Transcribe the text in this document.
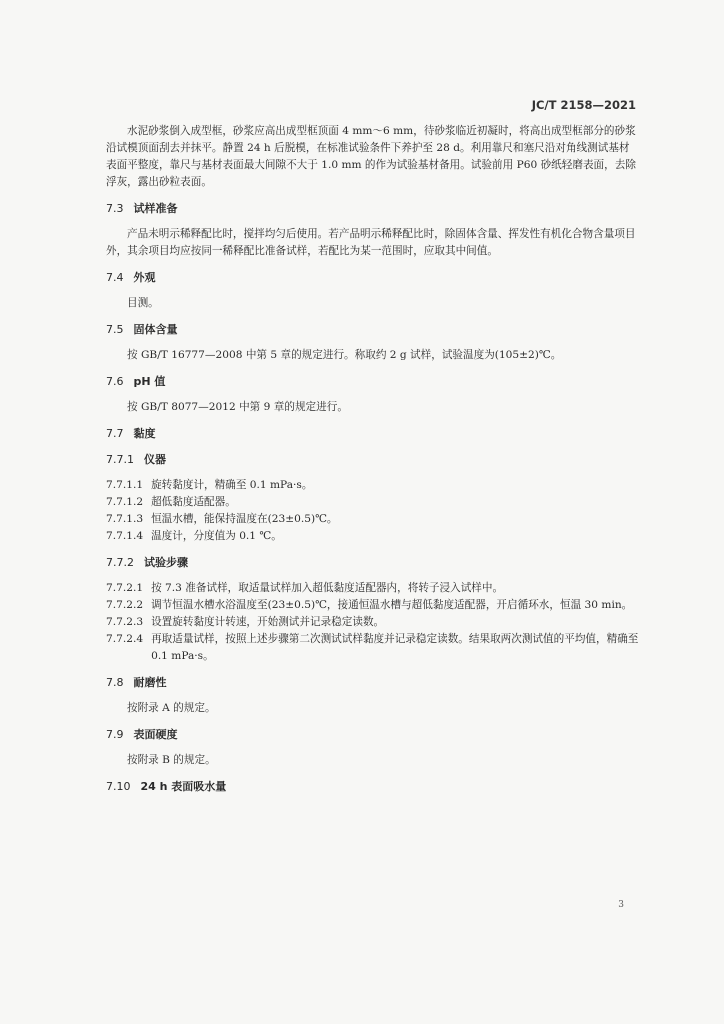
JC/T 2158—2021

水泥砂浆倒入成型框，砂浆应高出成型框顶面 4 mm～6 mm，待砂浆临近初凝时，将高出成型框部分的砂浆沿试模顶面刮去并抹平。静置 24 h 后脱模，在标准试验条件下养护至 28 d。利用靠尺和塞尺沿对角线测试基材表面平整度，靠尺与基材表面最大间隙不大于 1.0 mm 的作为试验基材备用。试验前用 P60 砂纸轻磨表面，去除浮灰，露出砂粒表面。

7.3 试样准备

产品未明示稀释配比时，搅拌均匀后使用。若产品明示稀释配比时，除固体含量、挥发性有机化合物含量项目外，其余项目均应按同一稀释配比准备试样，若配比为某一范围时，应取其中间值。

7.4 外观

目测。

7.5 固体含量

按 GB/T 16777—2008 中第 5 章的规定进行。称取约 2 g 试样，试验温度为(105±2)℃。

7.6 pH 值

按 GB/T 8077—2012 中第 9 章的规定进行。

7.7 黏度

7.7.1 仪器

7.7.1.1 旋转黏度计，精确至 0.1 mPa·s。

7.7.1.2 超低黏度适配器。

7.7.1.3 恒温水槽，能保持温度在(23±0.5)℃。

7.7.1.4 温度计，分度值为 0.1 ℃。

7.7.2 试验步骤

7.7.2.1 按 7.3 准备试样，取适量试样加入超低黏度适配器内，将转子浸入试样中。

7.7.2.2 调节恒温水槽水浴温度至(23±0.5)℃，接通恒温水槽与超低黏度适配器，开启循环水，恒温 30 min。

7.7.2.3 设置旋转黏度计转速，开始测试并记录稳定读数。

7.7.2.4 再取适量试样，按照上述步骤第二次测试试样黏度并记录稳定读数。结果取两次测试值的平均值，精确至 0.1 mPa·s。

7.8 耐磨性

按附录 A 的规定。

7.9 表面硬度

按附录 B 的规定。

7.10 24 h 表面吸水量

3
